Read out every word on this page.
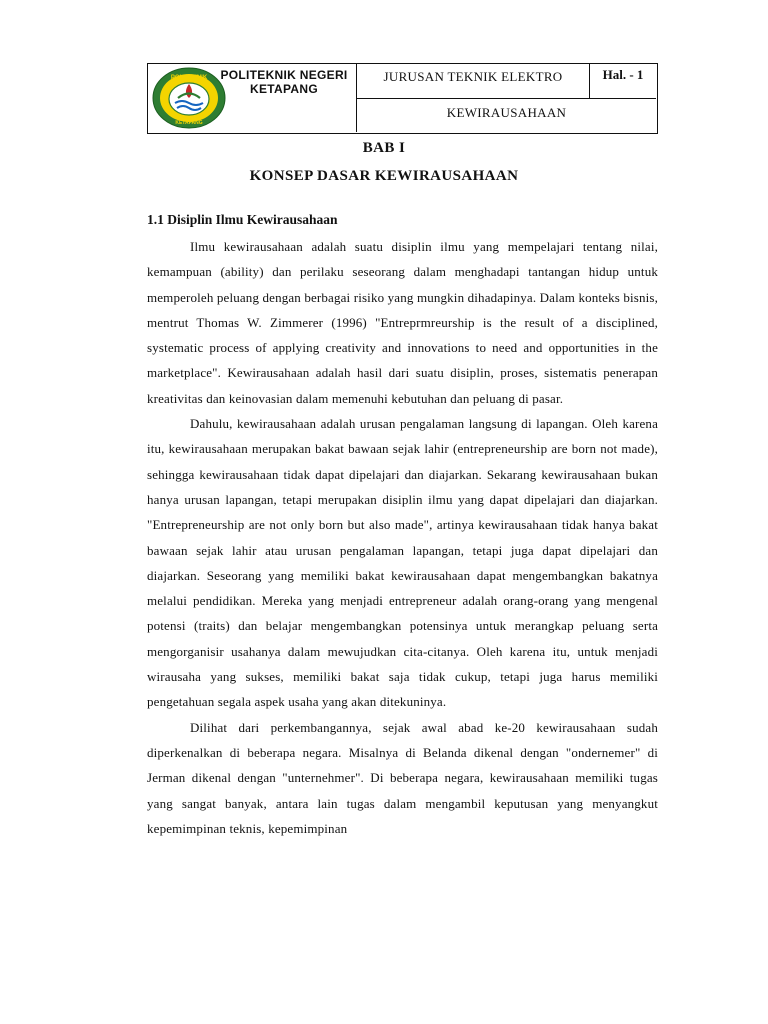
POLITEKNIK
KETAPANG
POLITEKNIK NEGERI KETAPANG
JURUSAN TEKNIK ELEKTRO	Hal. - 1
KEWIRAUSAHAAN
BAB I
KONSEP DASAR KEWIRAUSAHAAN
1.1 Disiplin Ilmu Kewirausahaan

Ilmu kewirausahaan adalah suatu disiplin ilmu yang mempelajari tentang nilai, kemampuan (ability) dan perilaku seseorang dalam menghadapi tantangan hidup untuk memperoleh peluang dengan berbagai risiko yang mungkin dihadapinya. Dalam konteks bisnis, mentrut Thomas W. Zimmerer (1996) "Entreprmreurship is the result of a disciplined, systematic process of applying creativity and innovations to need and opportunities in the marketplace". Kewirausahaan adalah hasil dari suatu disiplin, proses, sistematis penerapan kreativitas dan keinovasian dalam memenuhi kebutuhan dan peluang di pasar.

Dahulu, kewirausahaan adalah urusan pengalaman langsung di lapangan. Oleh karena itu, kewirausahaan merupakan bakat bawaan sejak lahir (entrepreneurship are born not made), sehingga kewirausahaan tidak dapat dipelajari dan diajarkan. Sekarang kewirausahaan bukan hanya urusan lapangan, tetapi merupakan disiplin ilmu yang dapat dipelajari dan diajarkan. "Entrepreneurship are not only born but also made", artinya kewirausahaan tidak hanya bakat bawaan sejak lahir atau urusan pengalaman lapangan, tetapi juga dapat dipelajari dan diajarkan. Seseorang yang memiliki bakat kewirausahaan dapat mengembangkan bakatnya melalui pendidikan. Mereka yang menjadi entrepreneur adalah orang-orang yang mengenal potensi (traits) dan belajar mengembangkan potensinya untuk merangkap peluang serta mengorganisir usahanya dalam mewujudkan cita-citanya. Oleh karena itu, untuk menjadi wirausaha yang sukses, memiliki bakat saja tidak cukup, tetapi juga harus memiliki pengetahuan segala aspek usaha yang akan ditekuninya.

Dilihat dari perkembangannya, sejak awal abad ke-20 kewirausahaan sudah diperkenalkan di beberapa negara. Misalnya di Belanda dikenal dengan "ondernemer" di Jerman dikenal dengan "unternehmer". Di beberapa negara, kewirausahaan memiliki tugas yang sangat banyak, antara lain tugas dalam mengambil keputusan yang menyangkut kepemimpinan teknis, kepemimpinan
